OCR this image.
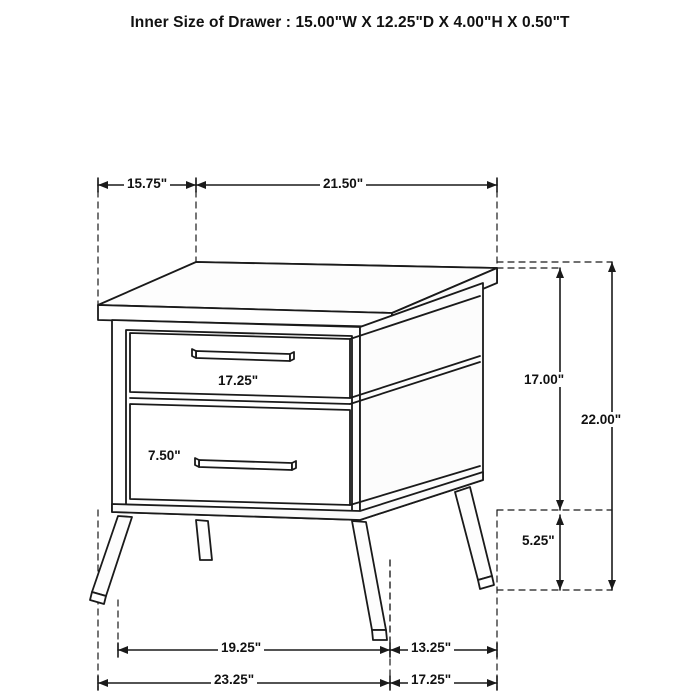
Inner Size of Drawer : 15.00"W X 12.25"D X 4.00"H X 0.50"T
15.75"	21.50"
17.25"
7.50"
17.00"
5.25"
22.00"
19.25"	13.25"
23.25"	17.25"
